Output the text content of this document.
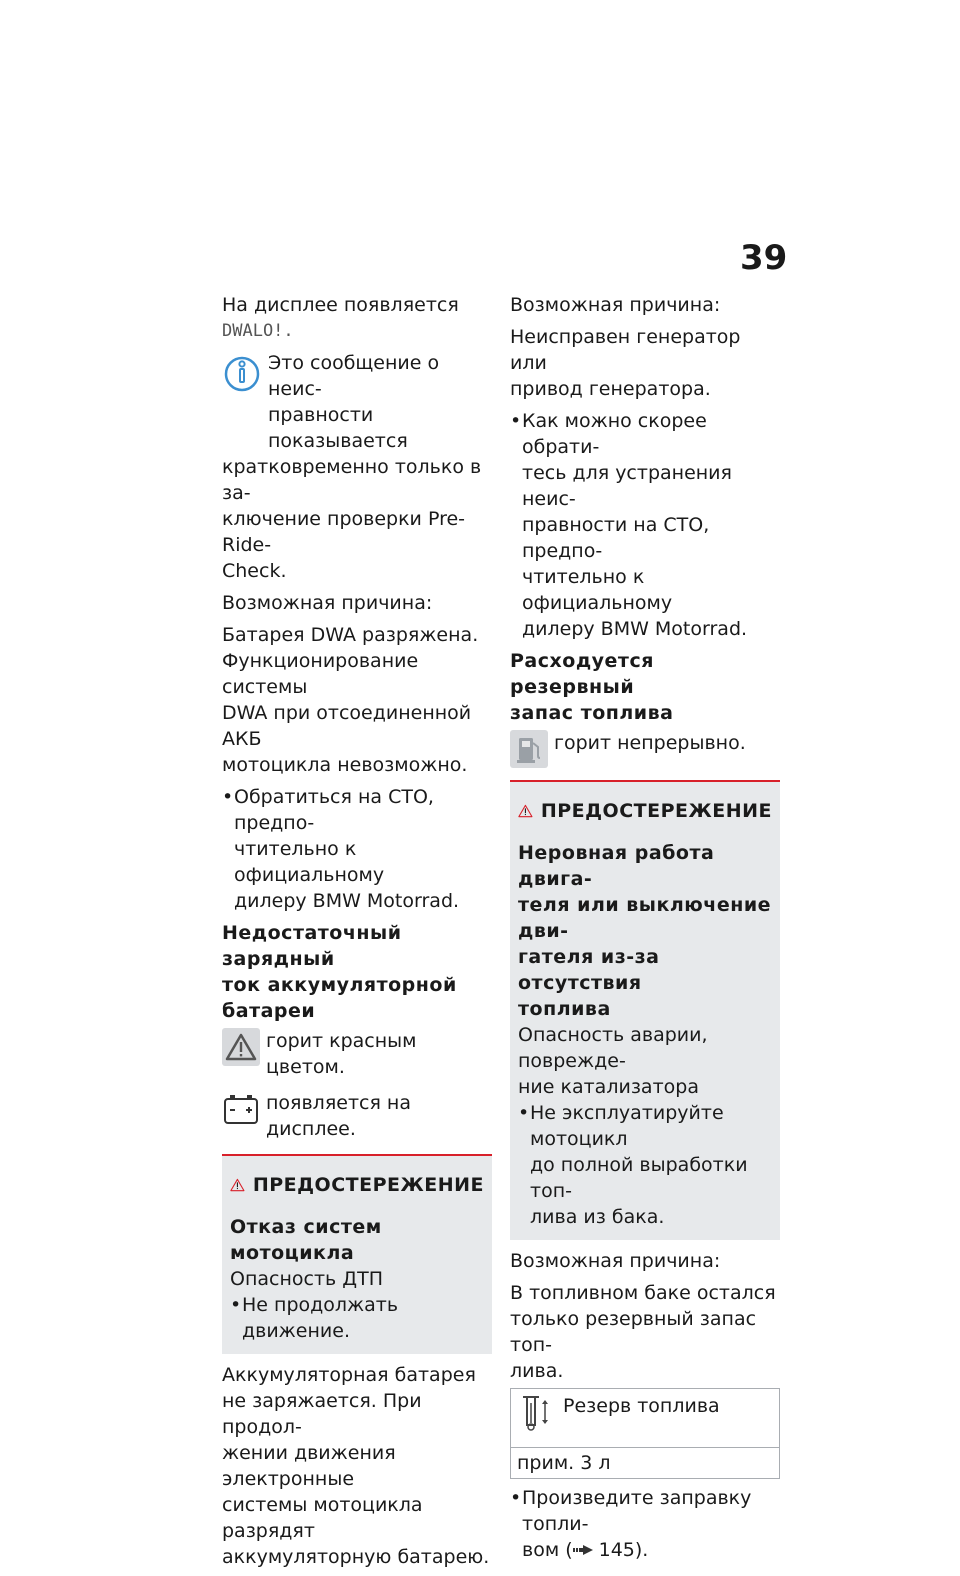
39
На дисплее появляется
DWALO!.
Это сообщение о неис-
правности показывается
кратковременно только в за-
ключение проверки Pre-Ride-
Check.
Возможная причина:
Батарея DWA разряжена.
Функционирование системы
DWA при отсоединенной АКБ
мотоцикла невозможно.
• Обратиться на СТО, предпо-
чтительно к официальному
дилеру BMW Motorrad.
Недостаточный зарядный
ток аккумуляторной
батареи
горит красным цветом.
появляется на дисплее.
ПРЕДОСТЕРЕЖЕНИЕ
Отказ систем мотоцикла
Опасность ДТП
• Не продолжать движение.
Аккумуляторная батарея
не заряжается. При продол-
жении движения электронные
системы мотоцикла разрядят
аккумуляторную батарею.
Возможная причина:
Неисправен генератор или
привод генератора.
• Как можно скорее обрати-
тесь для устранения неис-
правности на СТО, предпо-
чтительно к официальному
дилеру BMW Motorrad.
Расходуется резервный
запас топлива
горит непрерывно.
ПРЕДОСТЕРЕЖЕНИЕ
Неровная работа двига-
теля или выключение дви-
гателя из-за отсутствия
топлива
Опасность аварии, поврежде-
ние катализатора
• Не эксплуатируйте мотоцикл
до полной выработки топ-
лива из бака.
Возможная причина:
В топливном баке остался
только резервный запас топ-
лива.
Резерв топлива
прим. 3 л
• Произведите заправку топли-
вом ( 145).
